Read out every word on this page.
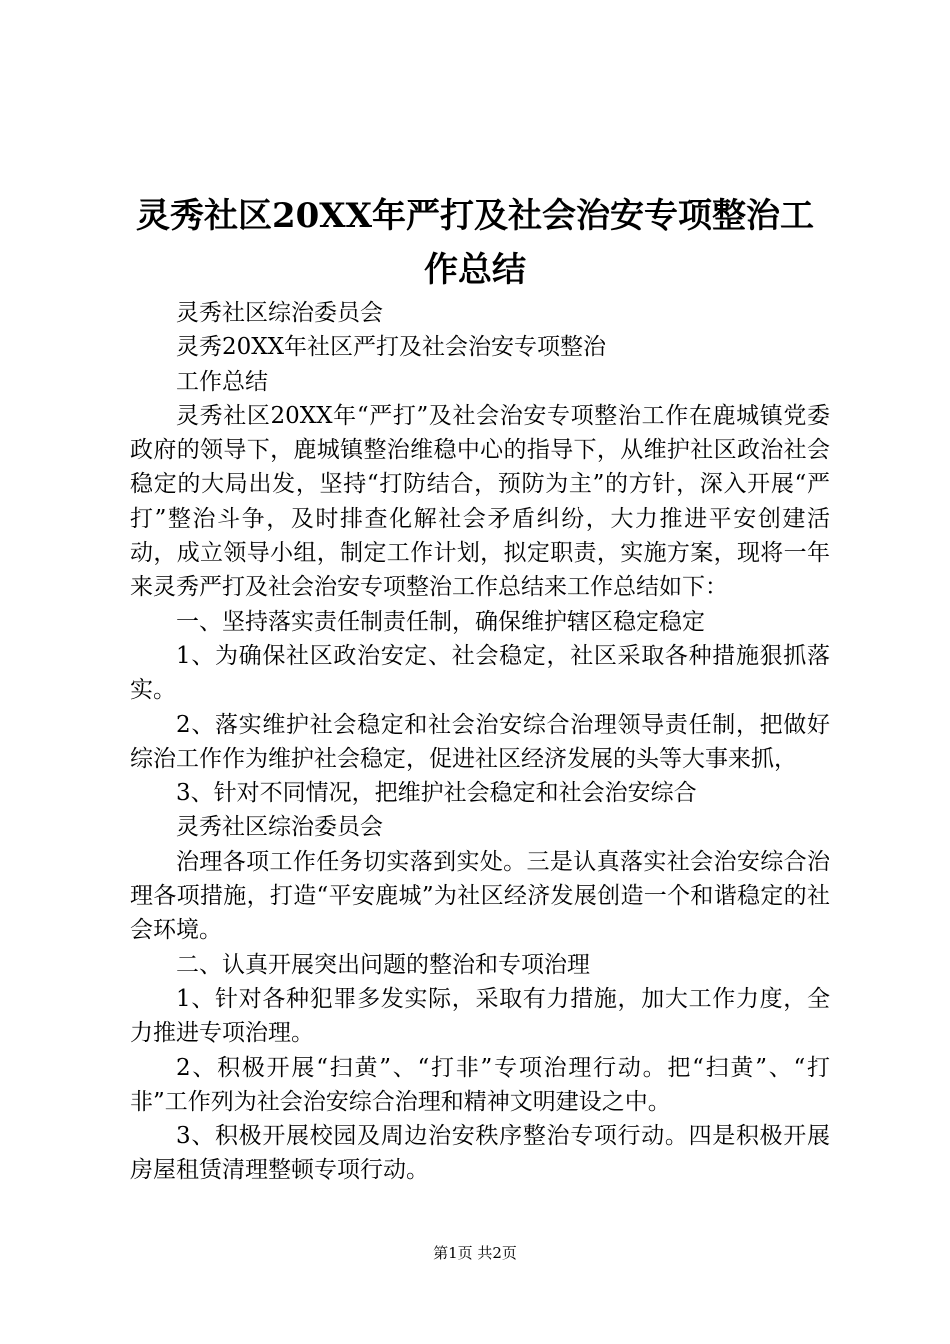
灵秀社区20XX年严打及社会治安专项整治工
作总结

灵秀社区综治委员会

灵秀20XX年社区严打及社会治安专项整治

工作总结

灵秀社区20XX年“严打”及社会治安专项整治工作在鹿城镇党委政府的领导下，鹿城镇整治维稳中心的指导下，从维护社区政治社会稳定的大局出发，坚持“打防结合，预防为主”的方针，深入开展“严打”整治斗争，及时排查化解社会矛盾纠纷，大力推进平安创建活动，成立领导小组，制定工作计划，拟定职责，实施方案，现将一年来灵秀严打及社会治安专项整治工作总结来工作总结如下：

一、坚持落实责任制责任制，确保维护辖区稳定稳定

1、为确保社区政治安定、社会稳定，社区采取各种措施狠抓落实。

2、落实维护社会稳定和社会治安综合治理领导责任制，把做好综治工作作为维护社会稳定，促进社区经济发展的头等大事来抓，

3、针对不同情况，把维护社会稳定和社会治安综合

灵秀社区综治委员会

治理各项工作任务切实落到实处。三是认真落实社会治安综合治理各项措施，打造“平安鹿城”为社区经济发展创造一个和谐稳定的社会环境。

二、认真开展突出问题的整治和专项治理

1、针对各种犯罪多发实际，采取有力措施，加大工作力度，全力推进专项治理。

2、积极开展“扫黄”、“打非”专项治理行动。把“扫黄”、“打非”工作列为社会治安综合治理和精神文明建设之中。

3、积极开展校园及周边治安秩序整治专项行动。四是积极开展房屋租赁清理整顿专项行动。

第1页 共2页
